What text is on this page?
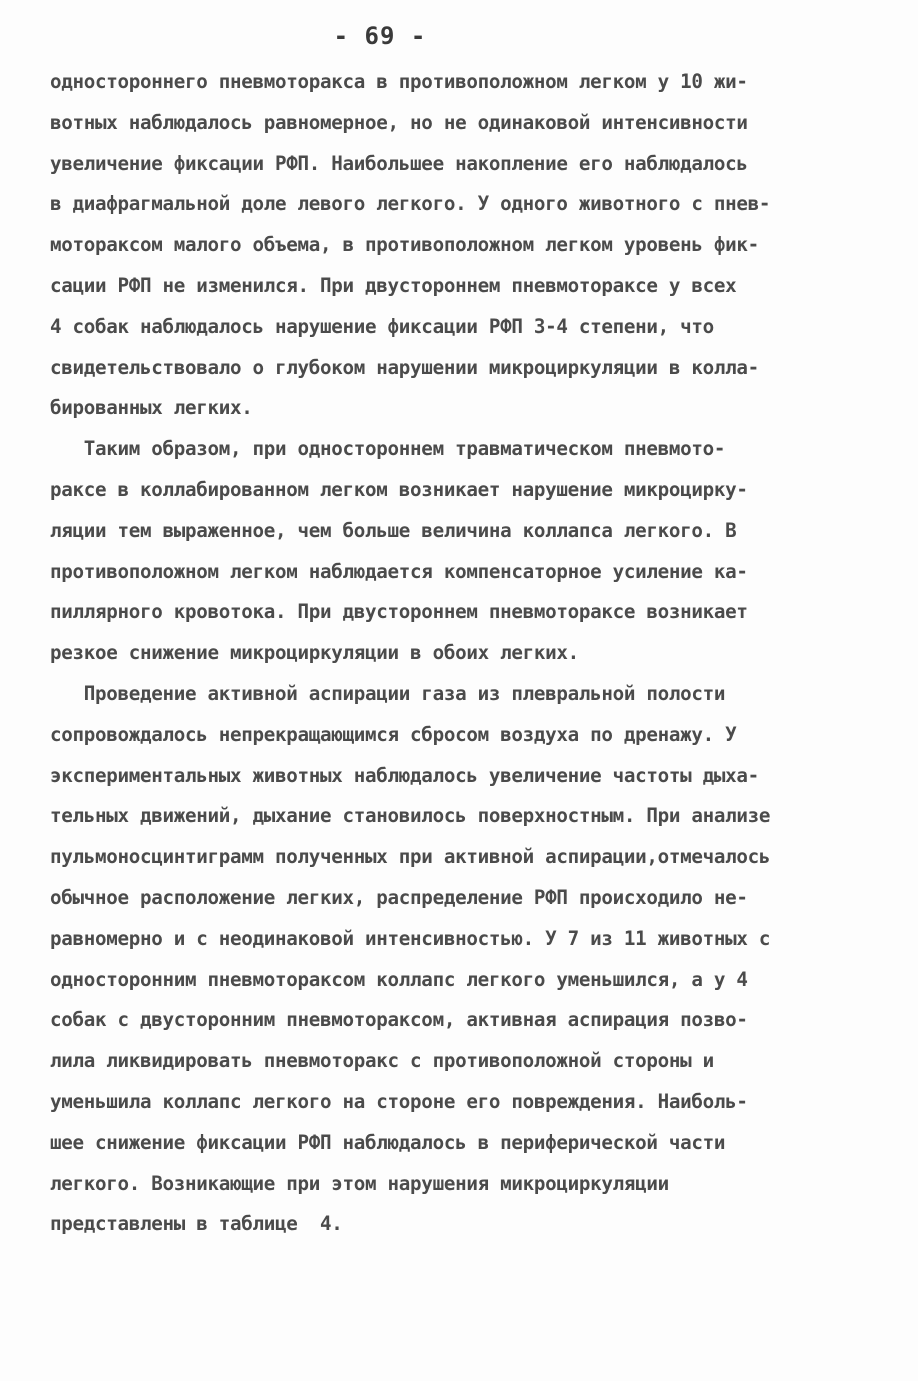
- 69 -
одностороннего пневмоторакса в противоположном легком у 10 жи-
вотных наблюдалось равномерное, но не одинаковой интенсивности
увеличение фиксации РФП. Наибольшее накопление его наблюдалось
в диафрагмальной доле левого легкого. У одного животного с пнев-
моторакcом малого объема, в противоположном легком уровень фик-
сации РФП не изменился. При двустороннем пневмотораксе у всех
4 собак наблюдалось нарушение фиксации РФП 3-4 степени, что
свидетельствовало о глубоком нарушении микроциркуляции в колла-
бированных легких.
Таким образом, при одностороннем травматическом пневмото-
раксе в коллабированном легком возникает нарушение микроцирку-
ляции тем выраженное, чем больше величина коллапса легкого. В
противоположном легком наблюдается компенсаторное усиление ка-
пиллярного кровотока. При двустороннем пневмотораксе возникает
резкое снижение микроциркуляции в обоих легких.
Проведение активной аспирации газа из плевральной полости
сопровождалось непрекращающимся сбросом воздуха по дренажу. У
экспериментальных животных наблюдалось увеличение частоты дыха-
тельных движений, дыхание становилось поверхностным. При анализе
пульмоносцинтиграмм полученных при активной аспирации,отмечалось
обычное расположение легких, распределение РФП происходило не-
равномерно и с неодинаковой интенсивностью. У 7 из 11 животных с
односторонним пневмотораксом коллапс легкого уменьшился, а у 4
собак с двусторонним пневмотораксом, активная аспирация позво-
лила ликвидировать пневмоторакс с противоположной стороны и
уменьшила коллапс легкого на стороне его повреждения. Наиболь-
шее снижение фиксации РФП наблюдалось в периферической части
легкого. Возникающие при этом нарушения микроциркуляции
представлены в таблице  4.
